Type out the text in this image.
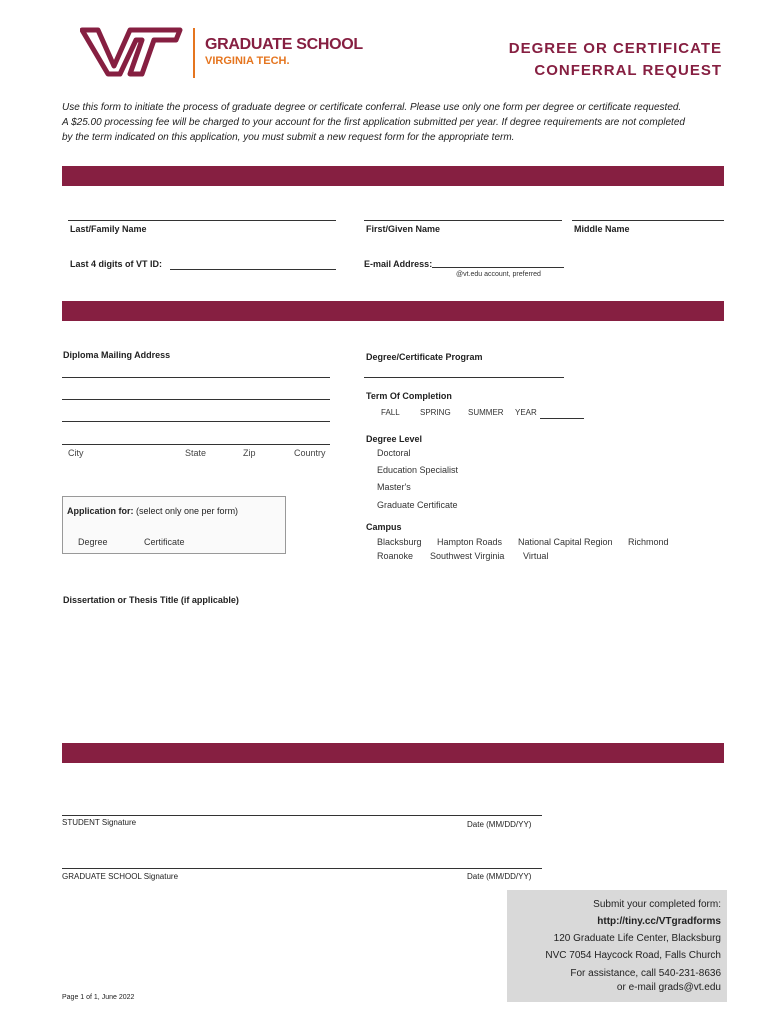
GRADUATE SCHOOL
VIRGINIA TECH.
DEGREE OR CERTIFICATE
CONFERRAL REQUEST
Use this form to initiate the process of graduate degree or certificate conferral. Please use only one form per degree or certificate requested.
A $25.00 processing fee will be charged to your account for the first application submitted per year. If degree requirements are not completed
by the term indicated on this application, you must submit a new request form for the appropriate term.
Last/Family Name	First/Given Name	Middle Name
Last 4 digits of VT ID:	E-mail Address:
@vt.edu account, preferred
Diploma Mailing Address
City	State	Zip	Country
Application for: (select only one per form)
Degree	Certificate
Degree/Certificate Program
Term Of Completion
FALL	SPRING SUMMER YEAR
Degree Level
Doctoral
Education Specialist
Master's
Graduate Certificate
Campus
Blacksburg Hampton Roads National Capital Region Richmond
Roanoke Southwest Virginia Virtual
Dissertation or Thesis Title (if applicable)
STUDENT Signature	Date (MM/DD/YY)
GRADUATE SCHOOL Signature	Date (MM/DD/YY)
Submit your completed form:
http://tiny.cc/VTgradforms
120 Graduate Life Center, Blacksburg
NVC 7054 Haycock Road, Falls Church
For assistance, call 540-231-8636
or e-mail grads@vt.edu
Page 1 of 1, June 2022
